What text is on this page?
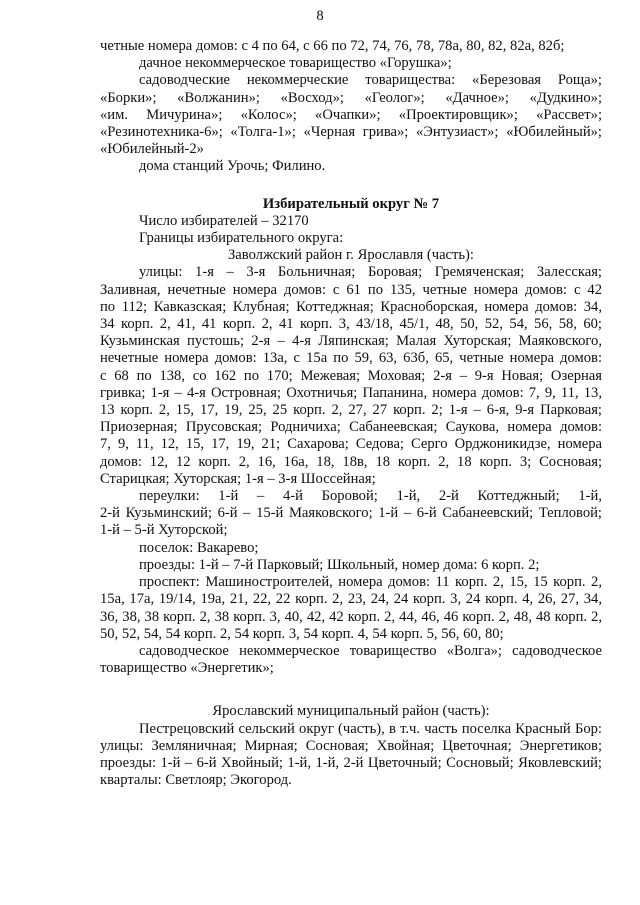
8

четные номера домов: с 4 по 64, с 66 по 72, 74, 76, 78, 78а, 80, 82, 82а, 82б;

дачное некоммерческое товарищество «Горушка»;

садоводческие некоммерческие товарищества: «Березовая Роща»;

«Борки»; «Волжанин»; «Восход»; «Геолог»; «Дачное»; «Дудкино»;

«им. Мичурина»; «Колос»; «Очапки»; «Проектировщик»; «Рассвет»;

«Резинотехника-6»; «Толга-1»; «Черная грива»; «Энтузиаст»; «Юбилейный»;

«Юбилейный-2»

дома станций Урочь; Филино.

Избирательный округ № 7

Число избирателей – 32170

Границы избирательного округа:

Заволжский район г. Ярославля (часть):

улицы: 1-я – 3-я Больничная; Боровая; Гремяченская; Залесская;

Заливная, нечетные номера домов: с 61 по 135, четные номера домов: с 42

по 112; Кавказская; Клубная; Коттеджная; Красноборская, номера домов: 34,

34 корп. 2, 41, 41 корп. 2, 41 корп. 3, 43/18, 45/1, 48, 50, 52, 54, 56, 58, 60;

Кузьминская пустошь; 2-я – 4-я Ляпинская; Малая Хуторская; Маяковского,

нечетные номера домов: 13а, с 15а по 59, 63, 63б, 65, четные номера домов:

с 68 по 138, со 162 по 170; Межевая; Моховая; 2-я – 9-я Новая; Озерная

гривка; 1-я – 4-я Островная; Охотничья; Папанина, номера домов: 7, 9, 11, 13,

13 корп. 2, 15, 17, 19, 25, 25 корп. 2, 27, 27 корп. 2; 1-я – 6-я, 9-я Парковая;

Приозерная; Прусовская; Родничиха; Сабанеевская; Саукова, номера домов:

7, 9, 11, 12, 15, 17, 19, 21; Сахарова; Седова; Серго Орджоникидзе, номера

домов: 12, 12 корп. 2, 16, 16а, 18, 18в, 18 корп. 2, 18 корп. 3; Сосновая;

Старицкая; Хуторская; 1-я – 3-я Шоссейная;

переулки: 1-й – 4-й Боровой; 1-й, 2-й Коттеджный; 1-й,

2-й Кузьминский; 6-й – 15-й Маяковского; 1-й – 6-й Сабанеевский; Тепловой;

1-й – 5-й Хуторской;

поселок: Вакарево;

проезды: 1-й – 7-й Парковый; Школьный, номер дома: 6 корп. 2;

проспект: Машиностроителей, номера домов: 11 корп. 2, 15, 15 корп. 2,

15а, 17а, 19/14, 19а, 21, 22, 22 корп. 2, 23, 24, 24 корп. 3, 24 корп. 4, 26, 27, 34,

36, 38, 38 корп. 2, 38 корп. 3, 40, 42, 42 корп. 2, 44, 46, 46 корп. 2, 48, 48 корп. 2,

50, 52, 54, 54 корп. 2, 54 корп. 3, 54 корп. 4, 54 корп. 5, 56, 60, 80;

садоводческое некоммерческое товарищество «Волга»; садоводческое

товарищество «Энергетик»;

Ярославский муниципальный район (часть):

Пестрецовский сельский округ (часть), в т.ч. часть поселка Красный Бор:

улицы: Земляничная; Мирная; Сосновая; Хвойная; Цветочная; Энергетиков;

проезды: 1-й – 6-й Хвойный; 1-й, 1-й, 2-й Цветочный; Сосновый; Яковлевский;

кварталы: Светлояр; Экогород.
